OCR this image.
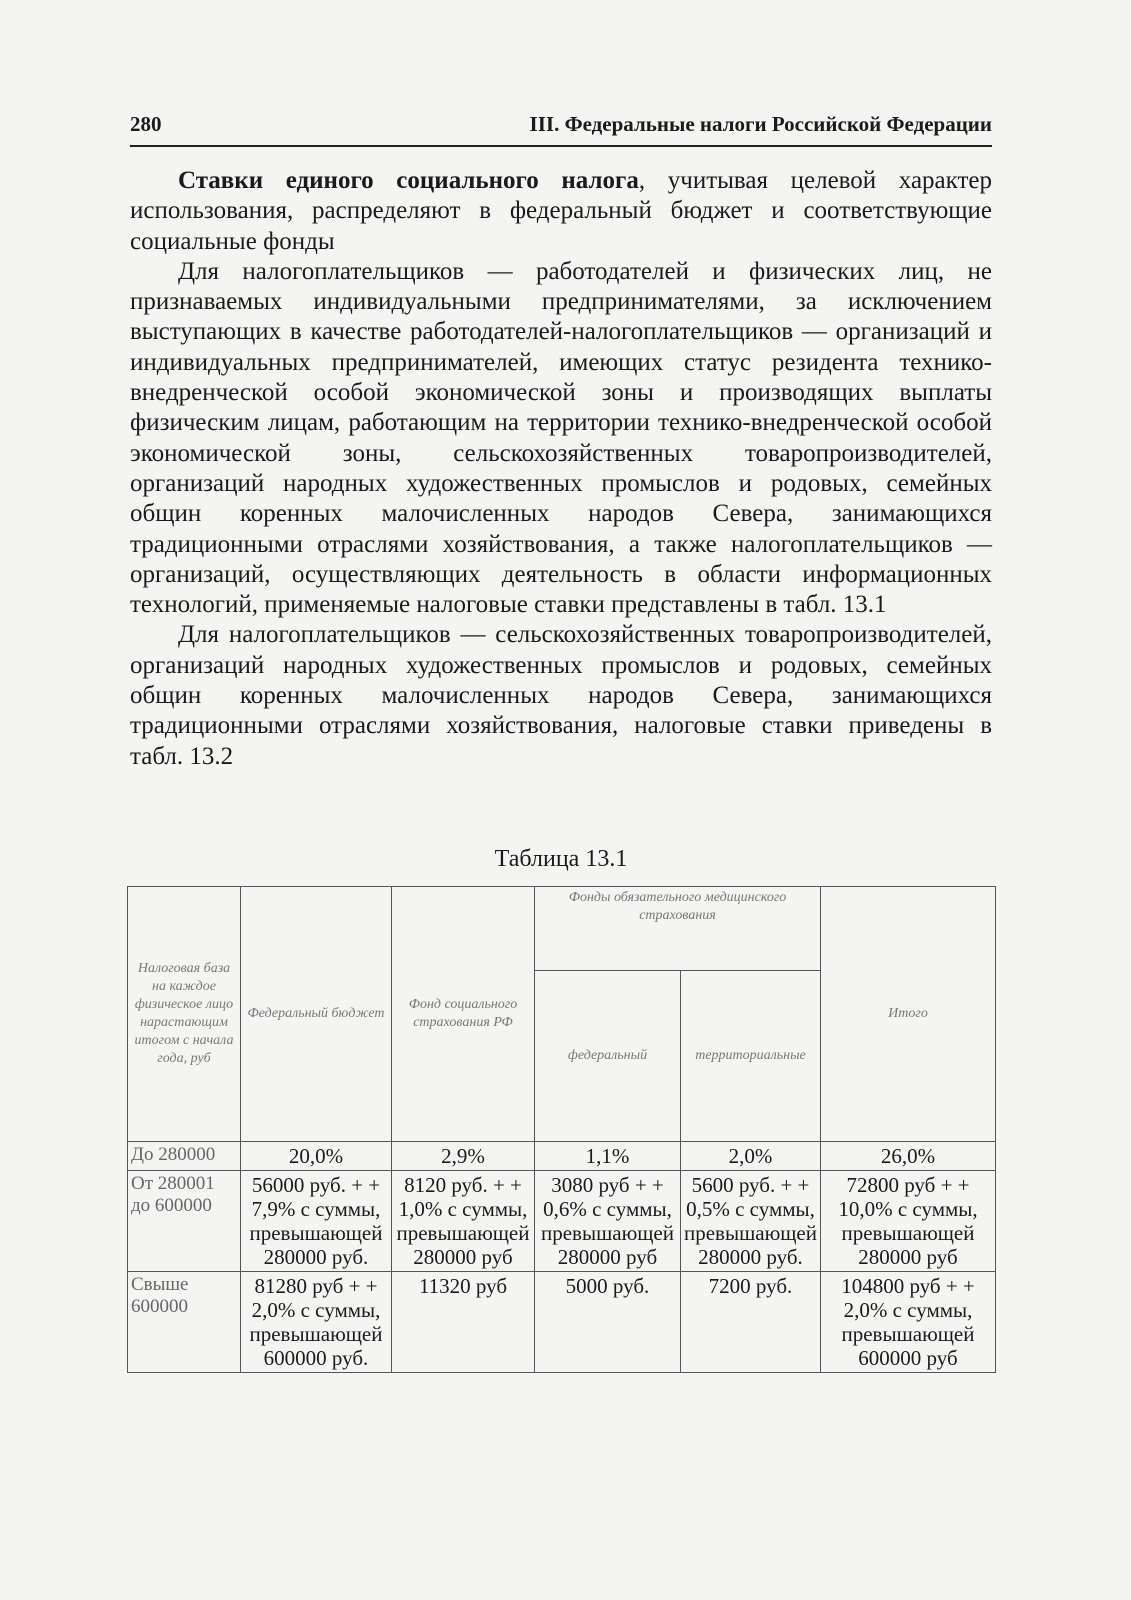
280	III. Федеральные налоги Российской Федерации

Ставки единого социального налога, учитывая целевой характер использования, распределяют в федеральный бюджет и соответствующие социальные фонды

Для налогоплательщиков — работодателей и физических лиц, не признаваемых индивидуальными предпринимателями, за исключением выступающих в качестве работодателей-налогоплательщиков — организаций и индивидуальных предпринимателей, имеющих статус резидента технико-внедренческой особой экономической зоны и производящих выплаты физическим лицам, работающим на территории технико-внедренческой особой экономической зоны, сельскохозяйственных товаропроизводителей, организаций народных художественных промыслов и родовых, семейных общин коренных малочисленных народов Севера, занимающихся традиционными отраслями хозяйствования, а также налогоплательщиков — организаций, осуществляющих деятельность в области информационных технологий, применяемые налоговые ставки представлены в табл. 13.1

Для налогоплательщиков — сельскохозяйственных товаропроизводителей, организаций народных художественных промыслов и родовых, семейных общин коренных малочисленных народов Севера, занимающихся традиционными отраслями хозяйствования, налоговые ставки приведены в табл. 13.2

Таблица 13.1
Налоговая база на каждое физическое лицо нарастающим итогом с начала года, руб	Федеральный бюджет	Фонд социального страхования РФ	Фонды обязательного медицинского страхования		Итого
			федеральный	территориальные	
До 280000	20,0%	2,9%	1,1%	2,0%	26,0%
От 280001 до 600000	56000 руб. + + 7,9% с суммы, превышающей 280000 руб.	8120 руб. + + 1,0% с суммы, превышающей 280000 руб	3080 руб + + 0,6% с суммы, превышающей 280000 руб	5600 руб. + + 0,5% с суммы, превышающей 280000 руб.	72800 руб + + 10,0% с суммы, превышающей 280000 руб
Свыше 600000	81280 руб + + 2,0% с суммы, превышающей 600000 руб.	11320 руб	5000 руб.	7200 руб.	104800 руб + + 2,0% с суммы, превышающей 600000 руб
